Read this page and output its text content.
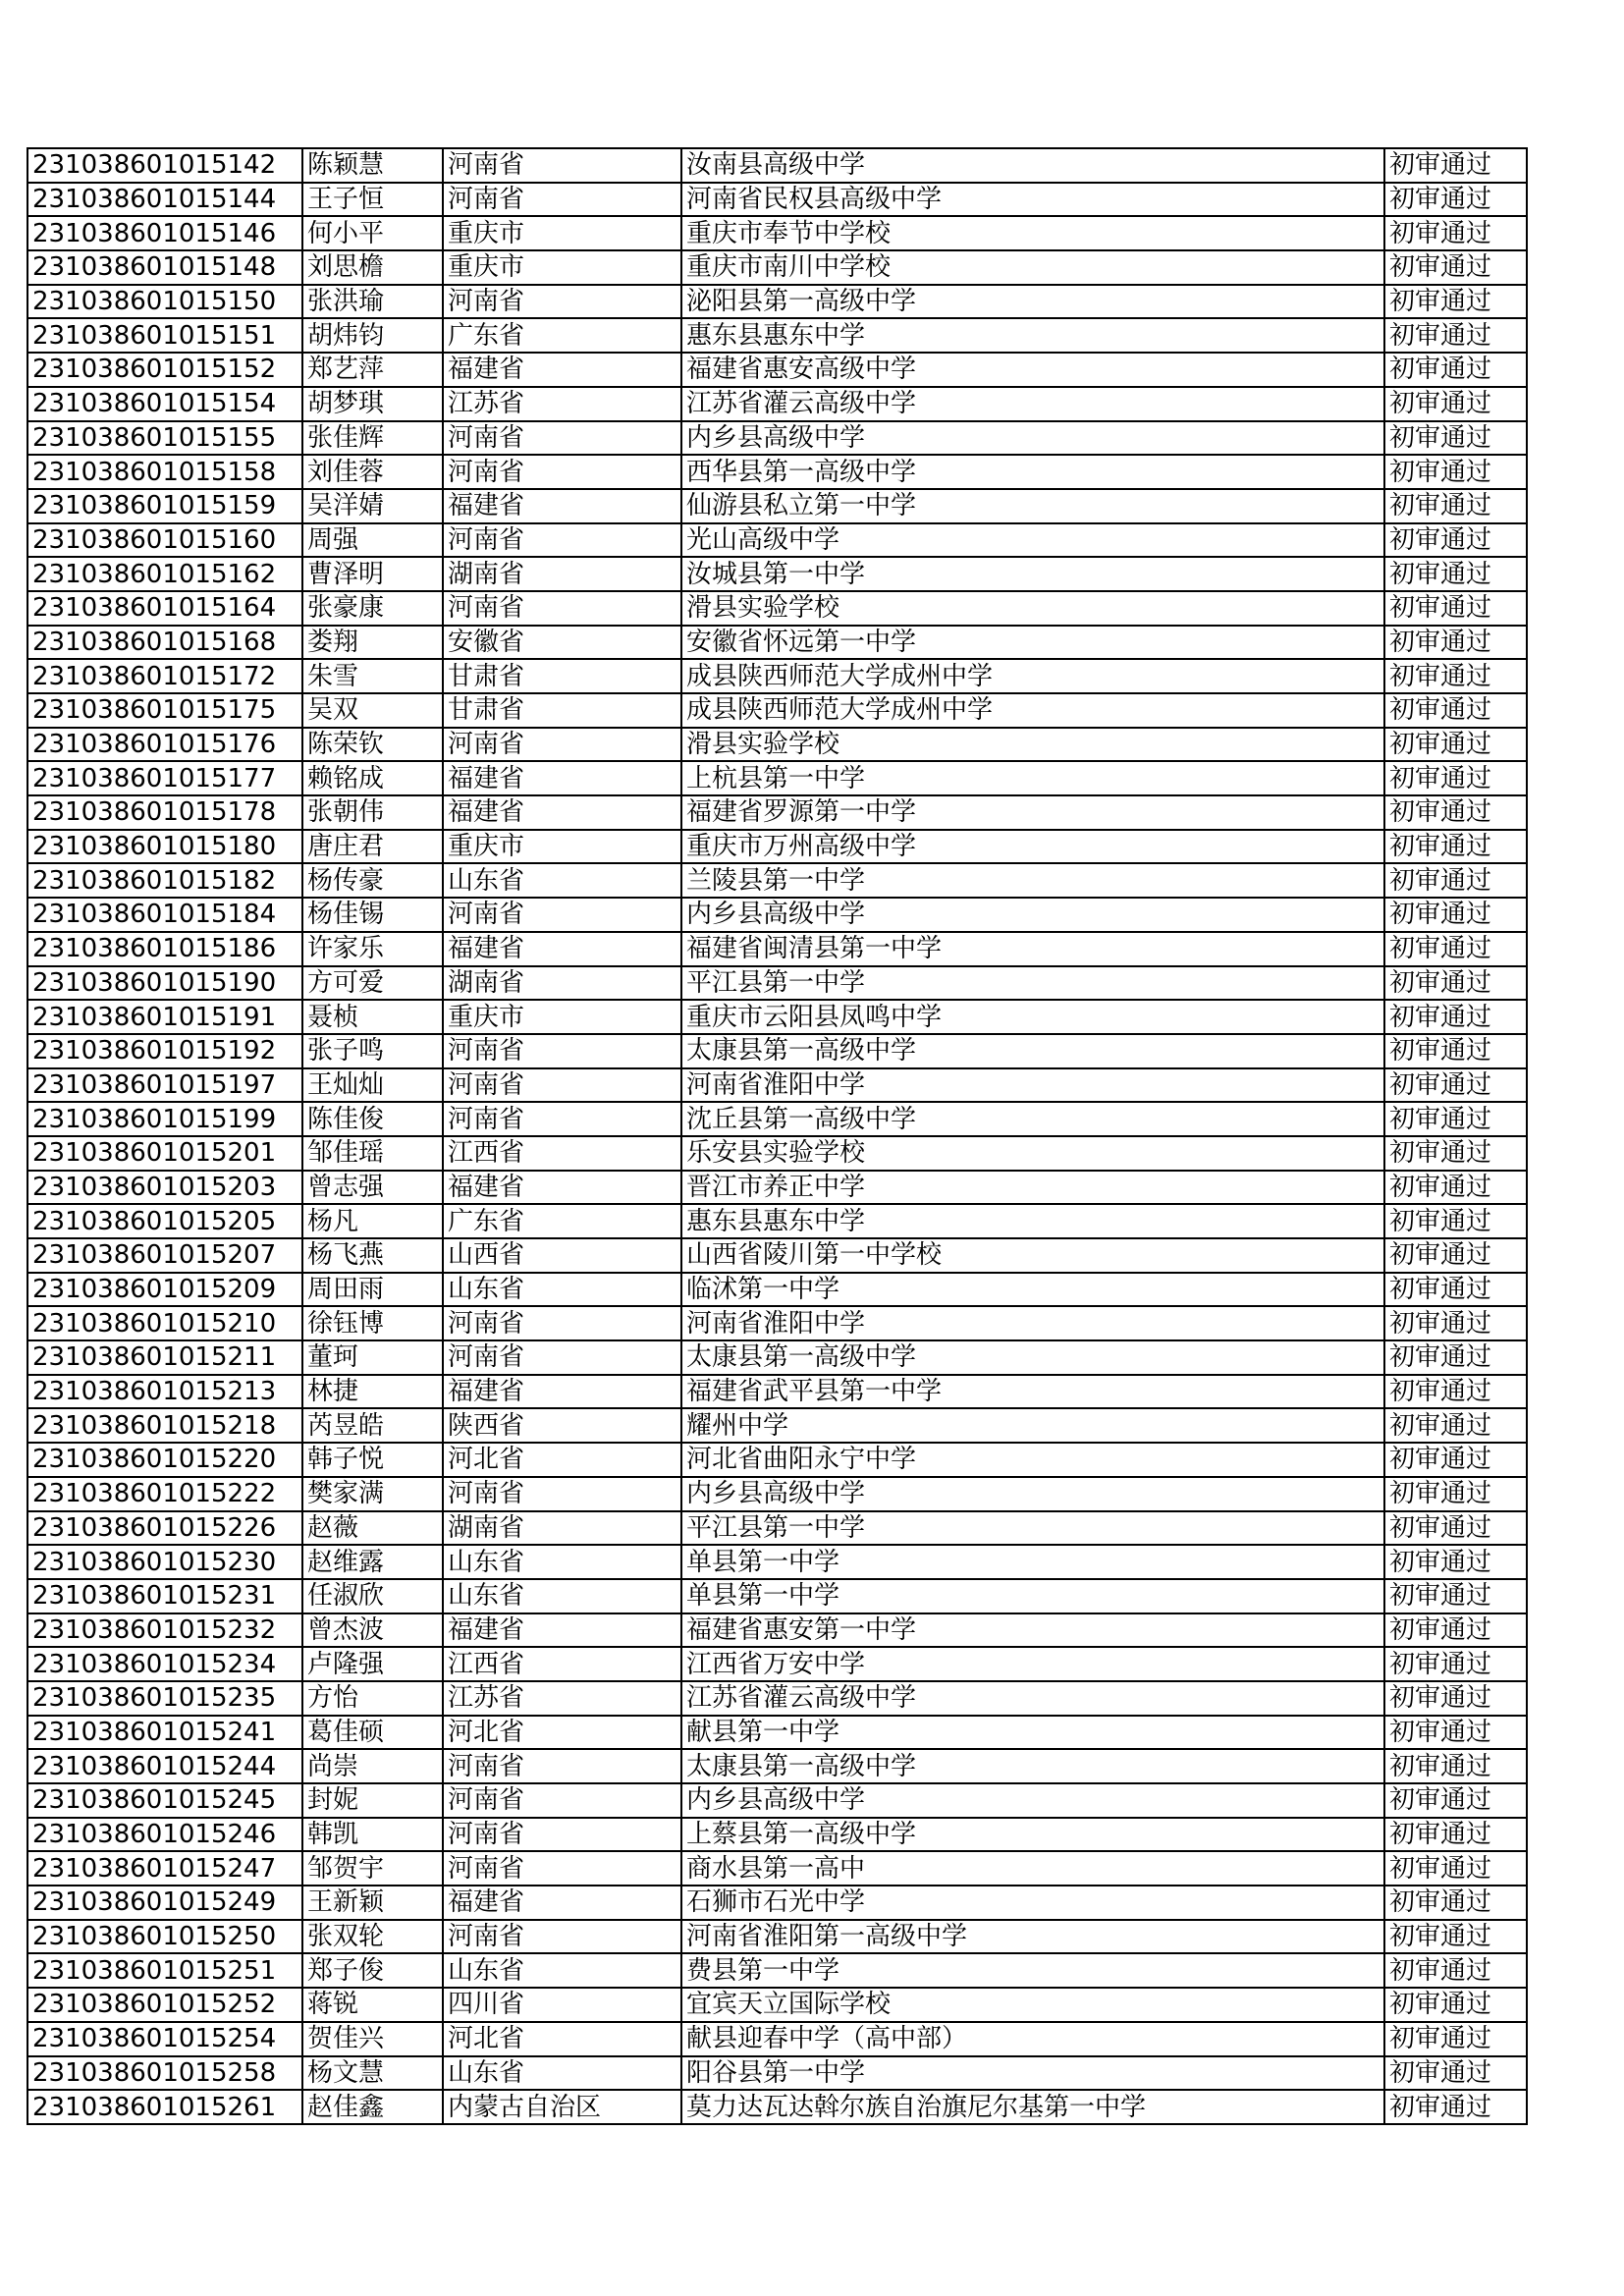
231038601015142	陈颖慧	河南省	汝南县高级中学	初审通过
231038601015144	王子恒	河南省	河南省民权县高级中学	初审通过
231038601015146	何小平	重庆市	重庆市奉节中学校	初审通过
231038601015148	刘思檐	重庆市	重庆市南川中学校	初审通过
231038601015150	张洪瑜	河南省	泌阳县第一高级中学	初审通过
231038601015151	胡炜钧	广东省	惠东县惠东中学	初审通过
231038601015152	郑艺萍	福建省	福建省惠安高级中学	初审通过
231038601015154	胡梦琪	江苏省	江苏省灌云高级中学	初审通过
231038601015155	张佳辉	河南省	内乡县高级中学	初审通过
231038601015158	刘佳蓉	河南省	西华县第一高级中学	初审通过
231038601015159	吴洋婧	福建省	仙游县私立第一中学	初审通过
231038601015160	周强	河南省	光山高级中学	初审通过
231038601015162	曹泽明	湖南省	汝城县第一中学	初审通过
231038601015164	张豪康	河南省	滑县实验学校	初审通过
231038601015168	娄翔	安徽省	安徽省怀远第一中学	初审通过
231038601015172	朱雪	甘肃省	成县陕西师范大学成州中学	初审通过
231038601015175	吴双	甘肃省	成县陕西师范大学成州中学	初审通过
231038601015176	陈荣钦	河南省	滑县实验学校	初审通过
231038601015177	赖铭成	福建省	上杭县第一中学	初审通过
231038601015178	张朝伟	福建省	福建省罗源第一中学	初审通过
231038601015180	唐庄君	重庆市	重庆市万州高级中学	初审通过
231038601015182	杨传豪	山东省	兰陵县第一中学	初审通过
231038601015184	杨佳锡	河南省	内乡县高级中学	初审通过
231038601015186	许家乐	福建省	福建省闽清县第一中学	初审通过
231038601015190	方可爱	湖南省	平江县第一中学	初审通过
231038601015191	聂桢	重庆市	重庆市云阳县凤鸣中学	初审通过
231038601015192	张子鸣	河南省	太康县第一高级中学	初审通过
231038601015197	王灿灿	河南省	河南省淮阳中学	初审通过
231038601015199	陈佳俊	河南省	沈丘县第一高级中学	初审通过
231038601015201	邹佳瑶	江西省	乐安县实验学校	初审通过
231038601015203	曾志强	福建省	晋江市养正中学	初审通过
231038601015205	杨凡	广东省	惠东县惠东中学	初审通过
231038601015207	杨飞燕	山西省	山西省陵川第一中学校	初审通过
231038601015209	周田雨	山东省	临沭第一中学	初审通过
231038601015210	徐钰博	河南省	河南省淮阳中学	初审通过
231038601015211	董珂	河南省	太康县第一高级中学	初审通过
231038601015213	林捷	福建省	福建省武平县第一中学	初审通过
231038601015218	芮昱皓	陕西省	耀州中学	初审通过
231038601015220	韩子悦	河北省	河北省曲阳永宁中学	初审通过
231038601015222	樊家满	河南省	内乡县高级中学	初审通过
231038601015226	赵薇	湖南省	平江县第一中学	初审通过
231038601015230	赵维露	山东省	单县第一中学	初审通过
231038601015231	任淑欣	山东省	单县第一中学	初审通过
231038601015232	曾杰波	福建省	福建省惠安第一中学	初审通过
231038601015234	卢隆强	江西省	江西省万安中学	初审通过
231038601015235	方怡	江苏省	江苏省灌云高级中学	初审通过
231038601015241	葛佳硕	河北省	献县第一中学	初审通过
231038601015244	尚崇	河南省	太康县第一高级中学	初审通过
231038601015245	封妮	河南省	内乡县高级中学	初审通过
231038601015246	韩凯	河南省	上蔡县第一高级中学	初审通过
231038601015247	邹贺宇	河南省	商水县第一高中	初审通过
231038601015249	王新颖	福建省	石狮市石光中学	初审通过
231038601015250	张双轮	河南省	河南省淮阳第一高级中学	初审通过
231038601015251	郑子俊	山东省	费县第一中学	初审通过
231038601015252	蒋锐	四川省	宜宾天立国际学校	初审通过
231038601015254	贺佳兴	河北省	献县迎春中学（高中部）	初审通过
231038601015258	杨文慧	山东省	阳谷县第一中学	初审通过
231038601015261	赵佳鑫	内蒙古自治区	莫力达瓦达斡尔族自治旗尼尔基第一中学	初审通过
